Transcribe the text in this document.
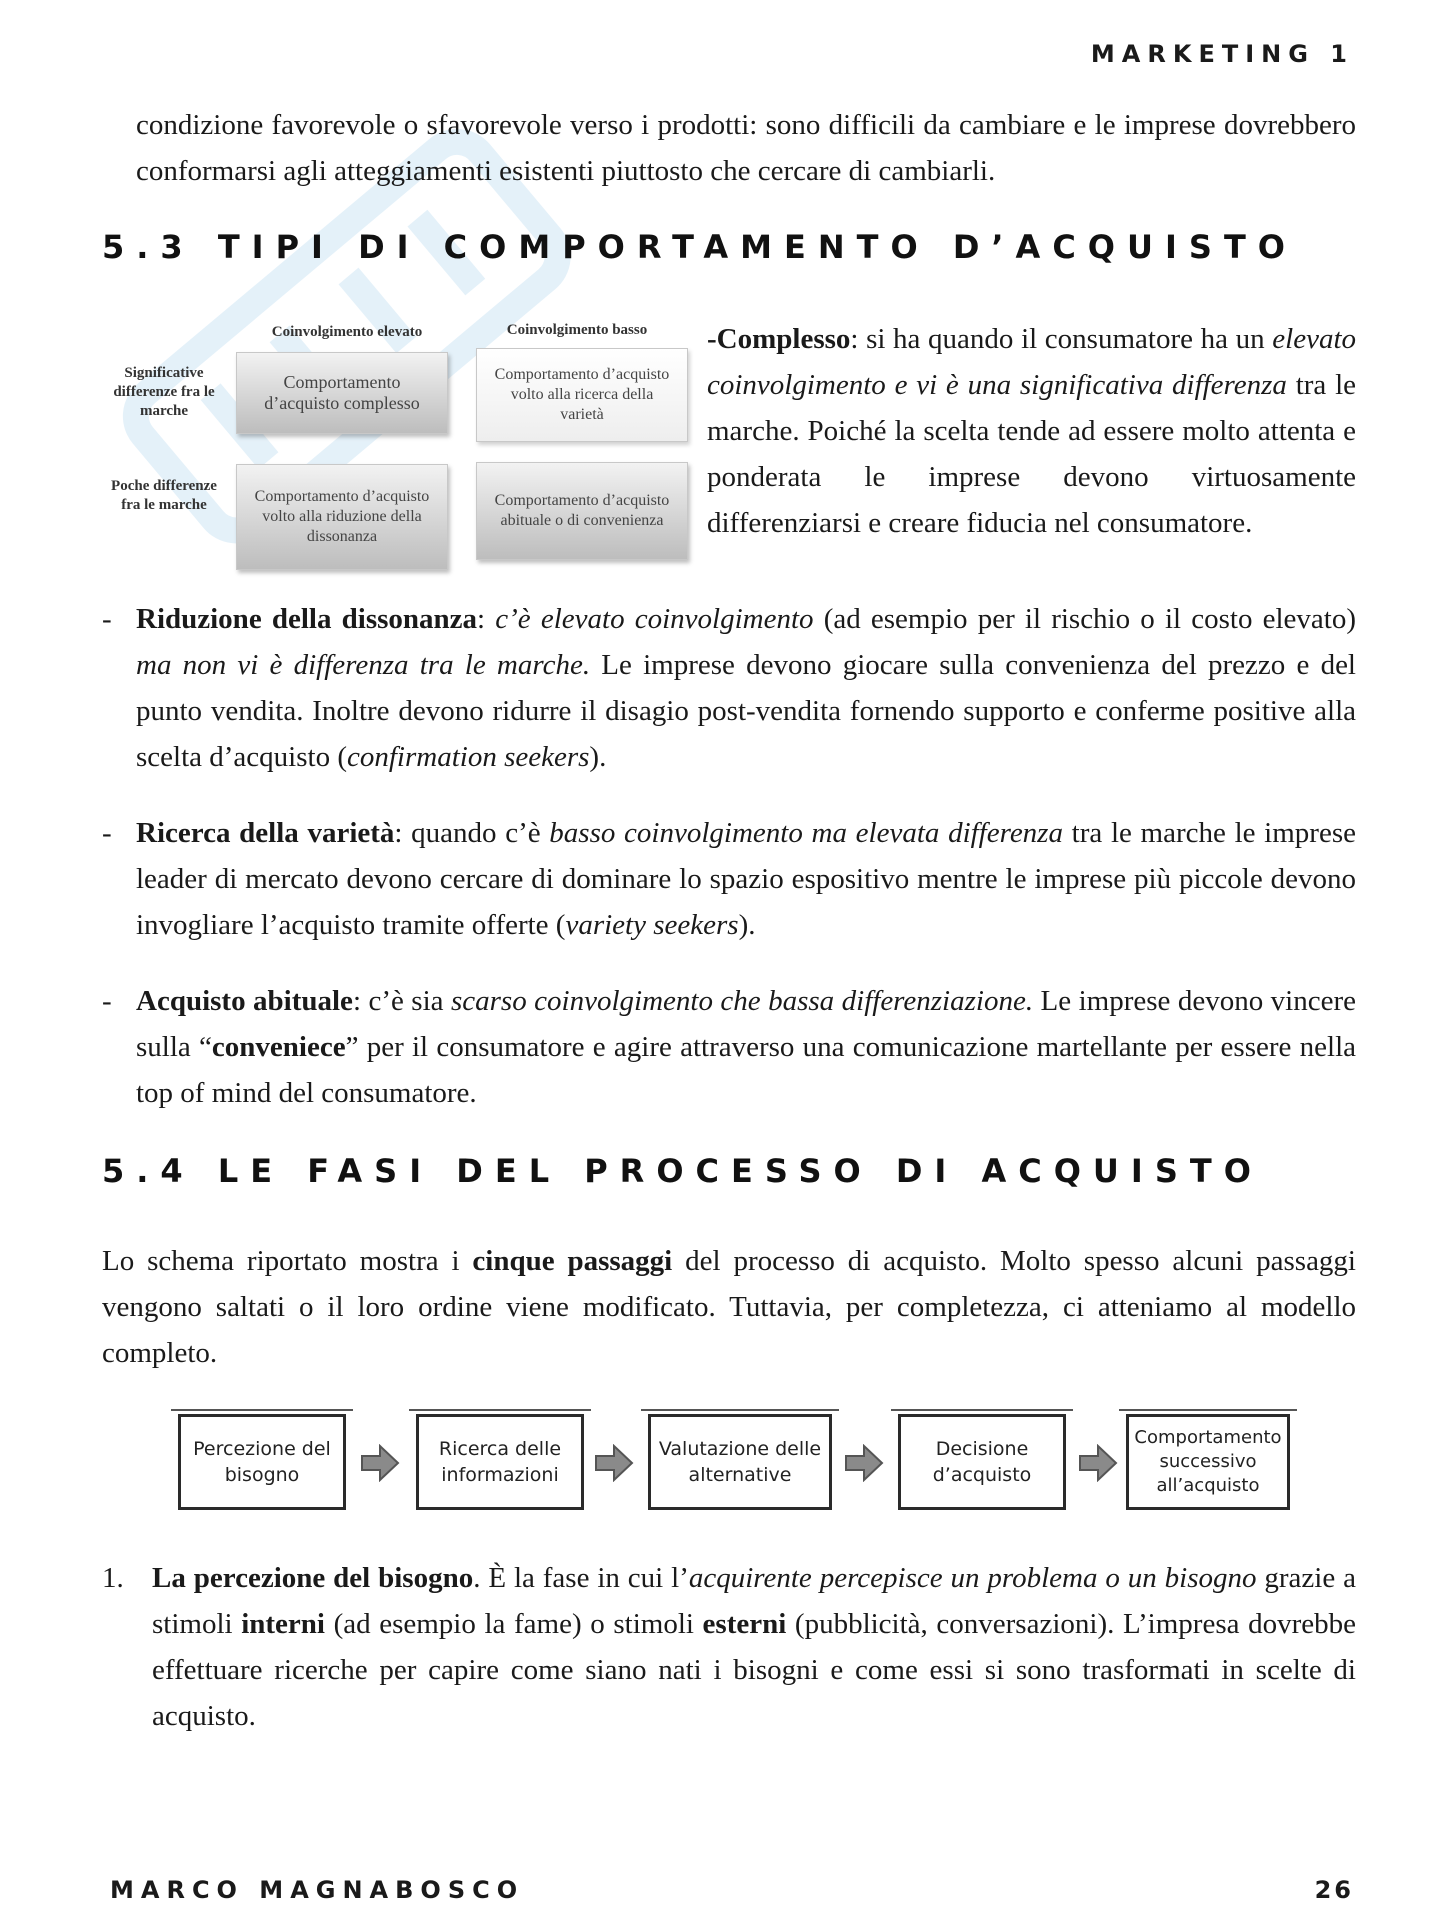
MARKETING 1
condizione favorevole o sfavorevole verso i prodotti: sono difficili da cambiare e le imprese dovrebbero conformarsi agli atteggiamenti esistenti piuttosto che cercare di cambiarli.
5.3 TIPI DI COMPORTAMENTO D’ACQUISTO
Coinvolgimento elevato	Coinvolgimento basso
Significative differenze fra le marche
Poche differenze fra le marche
Comportamento d’acquisto complesso
Comportamento d’acquisto volto alla ricerca della varietà
Comportamento d’acquisto volto alla riduzione della dissonanza
Comportamento d’acquisto abituale o di convenienza
-Complesso: si ha quando il consumatore ha un elevato coinvolgimento e vi è una significativa differenza tra le marche. Poiché la scelta tende ad essere molto attenta e ponderata le imprese devono virtuosamente differenziarsi e creare fiducia nel consumatore.
- Riduzione della dissonanza: c’è elevato coinvolgimento (ad esempio per il rischio o il costo elevato) ma non vi è differenza tra le marche. Le imprese devono giocare sulla convenienza del prezzo e del punto vendita. Inoltre devono ridurre il disagio post-vendita fornendo supporto e conferme positive alla scelta d’acquisto (confirmation seekers).
- Ricerca della varietà: quando c’è basso coinvolgimento ma elevata differenza tra le marche le imprese leader di mercato devono cercare di dominare lo spazio espositivo mentre le imprese più piccole devono invogliare l’acquisto tramite offerte (variety seekers).
- Acquisto abituale: c’è sia scarso coinvolgimento che bassa differenziazione. Le imprese devono vincere sulla “conveniece” per il consumatore e agire attraverso una comunicazione martellante per essere nella top of mind del consumatore.
5.4 LE FASI DEL PROCESSO DI ACQUISTO
Lo schema riportato mostra i cinque passaggi del processo di acquisto. Molto spesso alcuni passaggi vengono saltati o il loro ordine viene modificato. Tuttavia, per completezza, ci atteniamo al modello completo.
Percezione del bisogno
Ricerca delle informazioni
Valutazione delle alternative
Decisione d’acquisto
Comportamento successivo all’acquisto
1. La percezione del bisogno. È la fase in cui l’acquirente percepisce un problema o un bisogno grazie a stimoli interni (ad esempio la fame) o stimoli esterni (pubblicità, conversazioni). L’impresa dovrebbe effettuare ricerche per capire come siano nati i bisogni e come essi si sono trasformati in scelte di acquisto.
MARCO MAGNABOSCO	26
